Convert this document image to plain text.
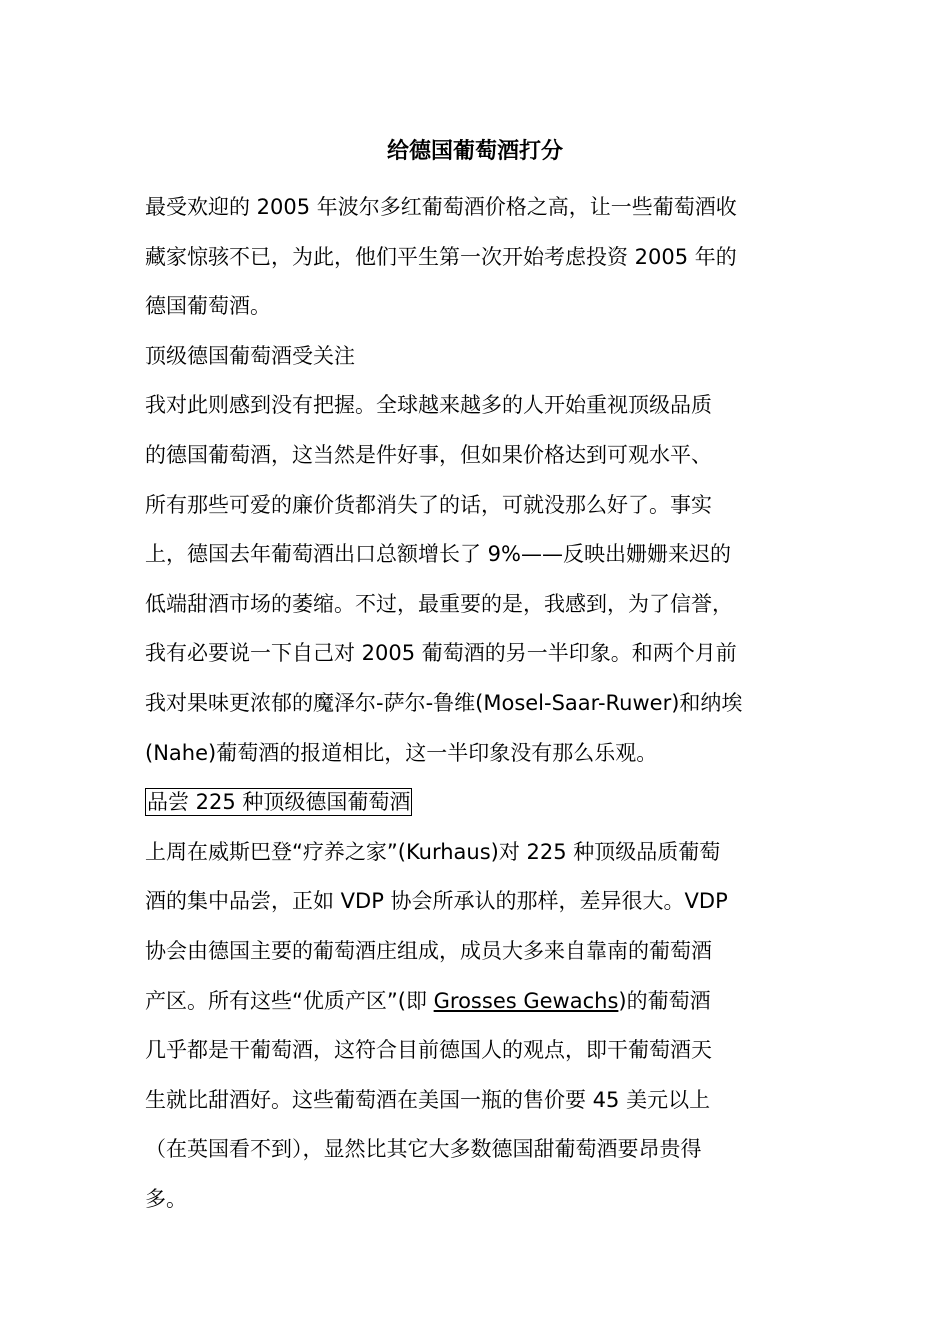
给德国葡萄酒打分
最受欢迎的 2005 年波尔多红葡萄酒价格之高，让一些葡萄酒收
藏家惊骇不已，为此，他们平生第一次开始考虑投资 2005 年的
德国葡萄酒。
顶级德国葡萄酒受关注
我对此则感到没有把握。全球越来越多的人开始重视顶级品质
的德国葡萄酒，这当然是件好事，但如果价格达到可观水平、
所有那些可爱的廉价货都消失了的话，可就没那么好了。事实
上，德国去年葡萄酒出口总额增长了 9%——反映出姗姗来迟的
低端甜酒市场的萎缩。不过，最重要的是，我感到，为了信誉，
我有必要说一下自己对 2005 葡萄酒的另一半印象。和两个月前
我对果味更浓郁的魔泽尔-萨尔-鲁维(Mosel-Saar-Ruwer)和纳埃
(Nahe)葡萄酒的报道相比，这一半印象没有那么乐观。
品尝 225 种顶级德国葡萄酒
上周在威斯巴登“疗养之家”(Kurhaus)对 225 种顶级品质葡萄
酒的集中品尝，正如 VDP 协会所承认的那样，差异很大。VDP
协会由德国主要的葡萄酒庄组成，成员大多来自靠南的葡萄酒
产区。所有这些“优质产区”(即 Grosses Gewachs)的葡萄酒
几乎都是干葡萄酒，这符合目前德国人的观点，即干葡萄酒天
生就比甜酒好。这些葡萄酒在美国一瓶的售价要 45 美元以上
（在英国看不到），显然比其它大多数德国甜葡萄酒要昂贵得
多。
